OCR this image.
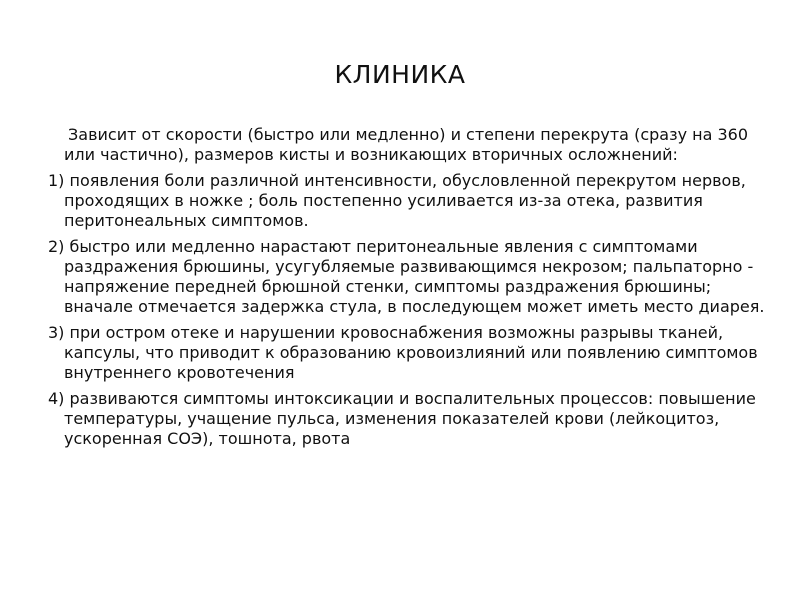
КЛИНИКА

Зависит от скорости (быстро или медленно) и степени перекрута (сразу на 360 или частично), размеров кисты и возникающих вторичных осложнений:

1) появления боли различной интенсивности, обусловленной перекрутом нервов, проходящих в ножке ; боль постепенно усиливается из-за отека, развития перитонеальных симптомов.

2) быстро или медленно нарастают перитонеальные явления с симптомами раздражения брюшины, усугубляемые развивающимся некрозом; пальпаторно - напряжение передней брюшной стенки, симптомы раздражения брюшины; вначале отмечается задержка стула, в последующем может иметь место диарея.

3) при остром отеке и нарушении кровоснабжения возможны разрывы тканей, капсулы, что приводит к образованию кровоизлияний или появлению симптомов внутреннего кровотечения

4) развиваются симптомы интоксикации и воспалительных процессов: повышение температуры, учащение пульса, изменения показателей крови (лейкоцитоз, ускоренная СОЭ), тошнота, рвота
